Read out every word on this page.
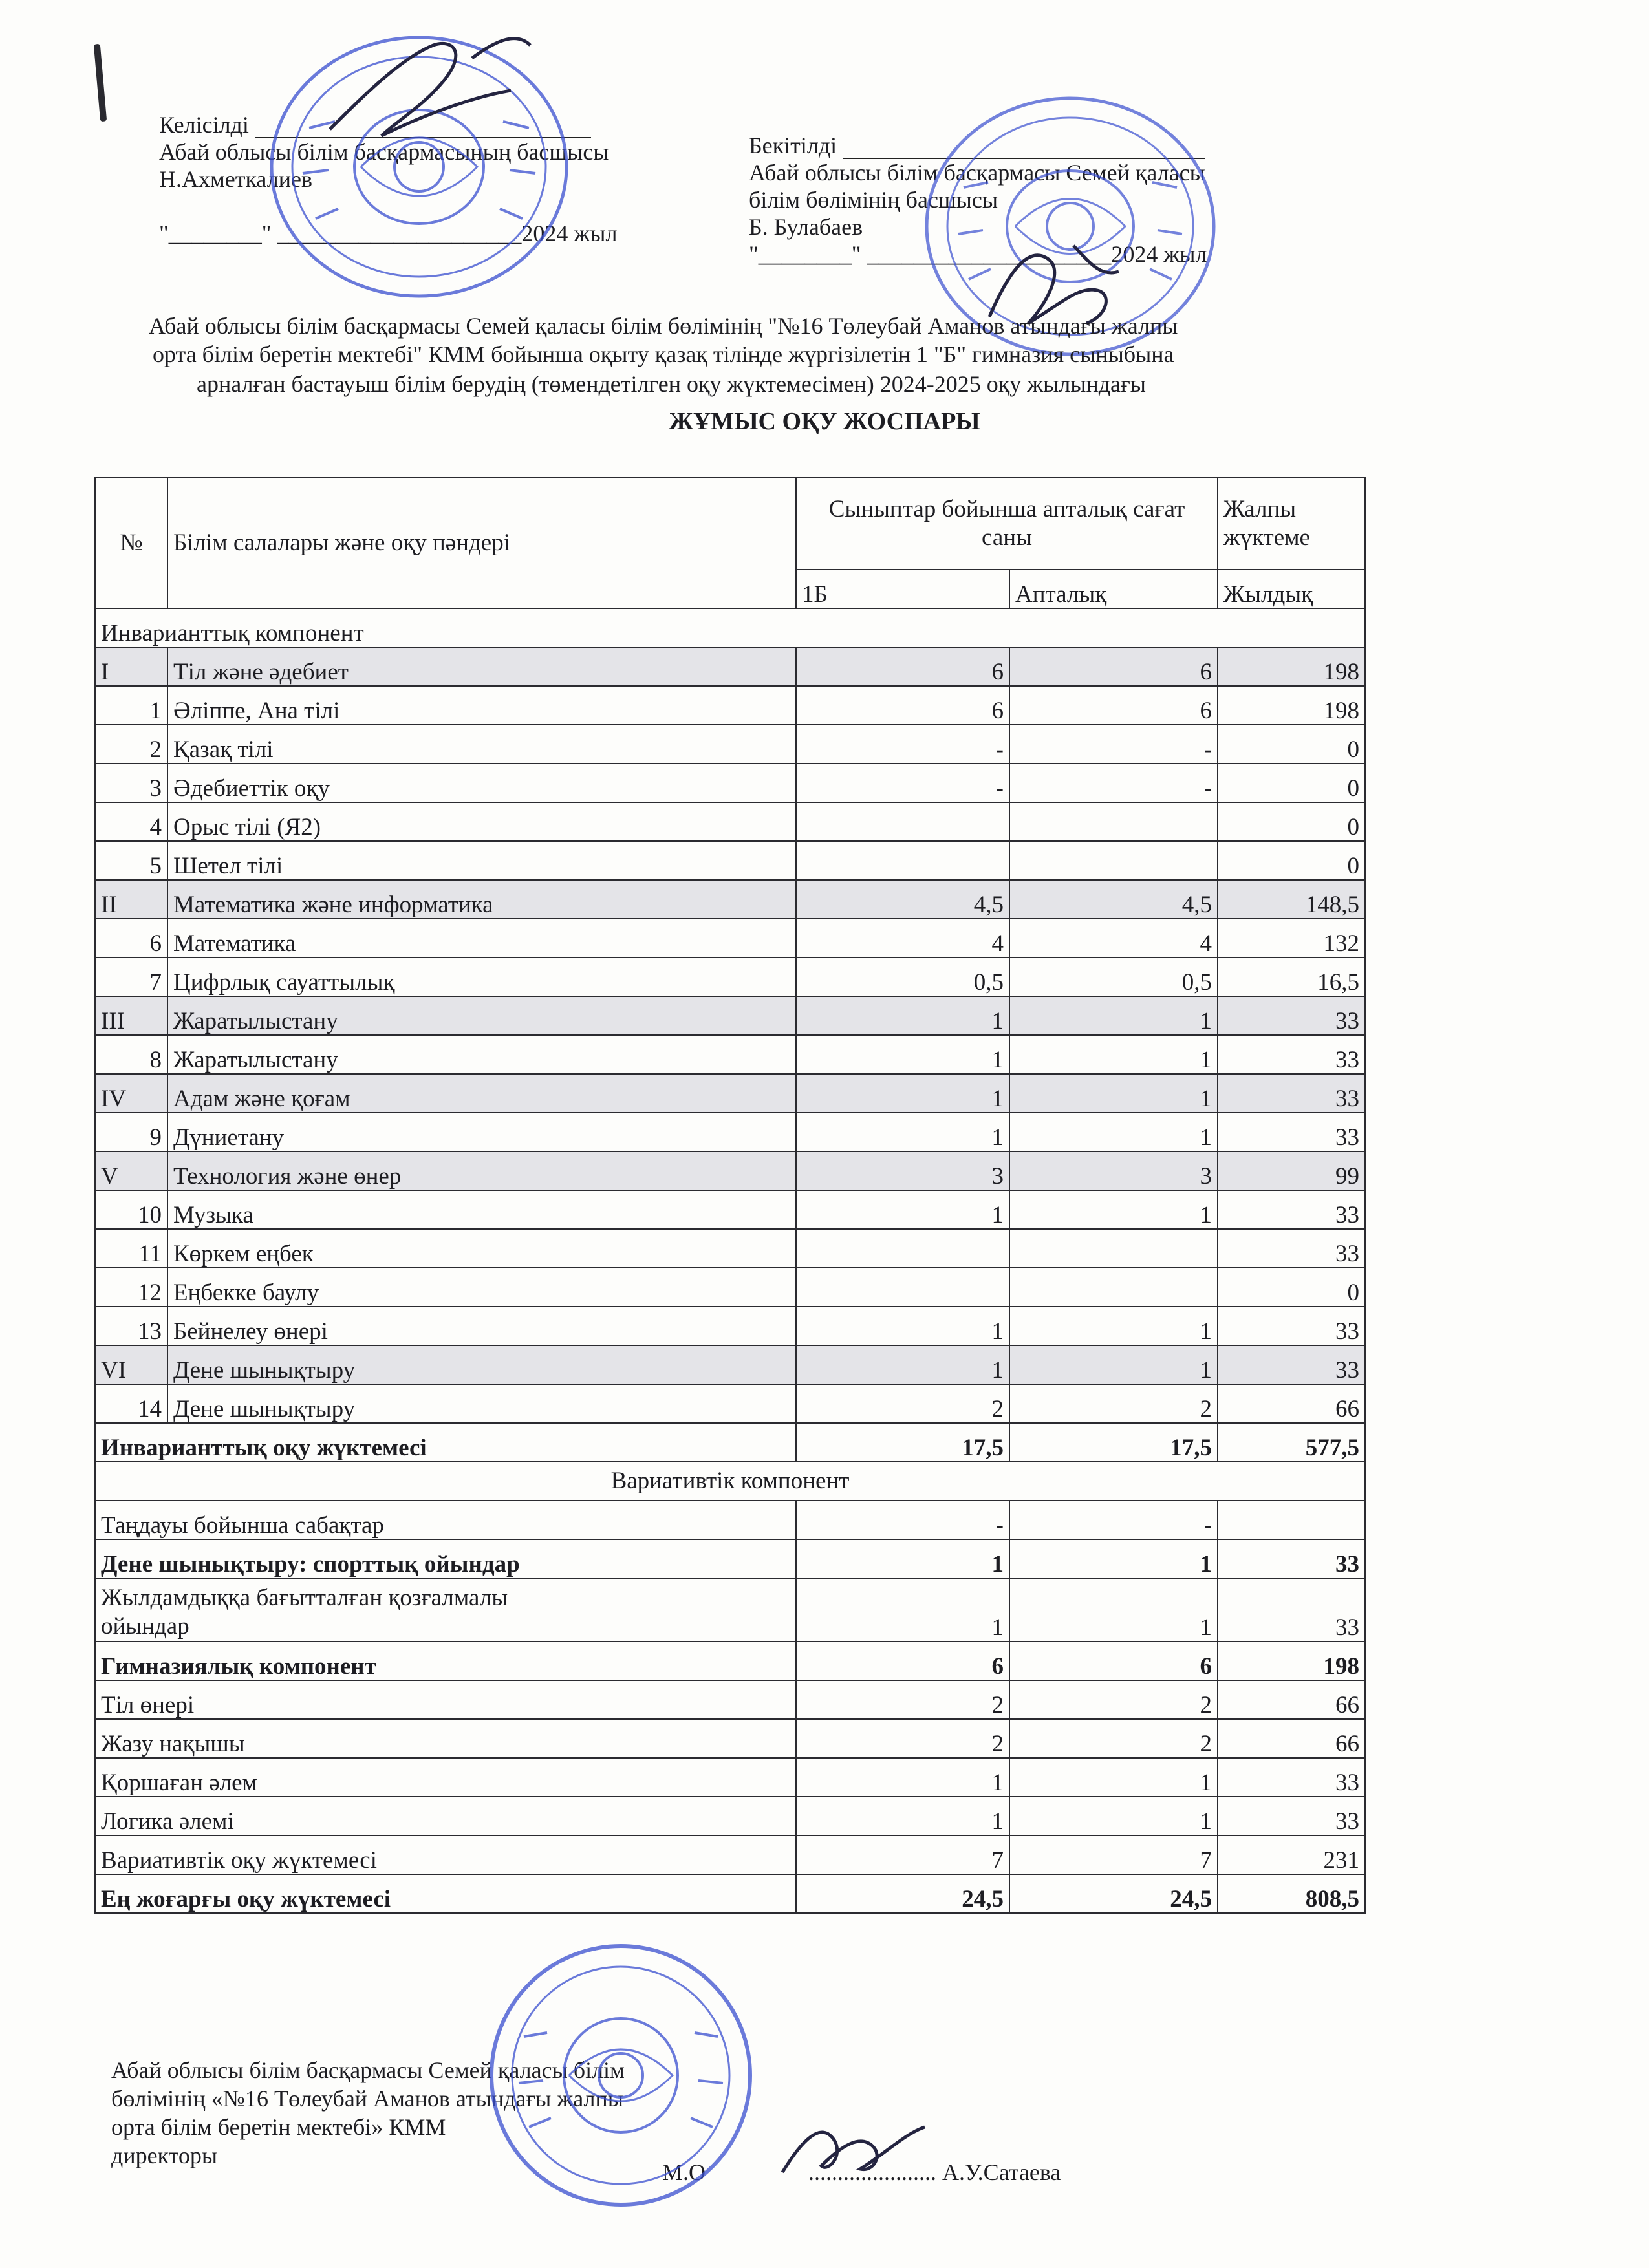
Келісілді
Абай облысы білім басқармасының басшысы
Н.Ахметкалиев
"________" _____________________2024 жыл
Бекітілді
Абай облысы білім басқармасы Семей қаласы
білім бөлімінің басшысы
Б. Булабаев
"________" _____________________2024 жыл
Абай облысы білім басқармасы Семей қаласы білім бөлімінің "№16 Төлеубай Аманов атындағы жалпы
орта білім беретін мектебі" КММ бойынша оқыту қазақ тілінде жүргізілетін 1 "Б" гимназия сыныбына
арналған бастауыш білім берудің (төмендетілген оқу жүктемесімен) 2024-2025 оқу жылындағы
ЖҰМЫС ОҚУ ЖОСПАРЫ
№	Білім салалары және оқу пәндері	Сыныптар бойынша апталық сағат саны		Жалпы жүктеме
		1Б	Апталық	Жылдық
Инварианттық компонент				
I	Тіл және әдебиет	6	6	198
1	Әліппе, Ана тілі	6	6	198
2	Қазақ тілі	-	-	0
3	Әдебиеттік оқу	-	-	0
4	Орыс тілі (Я2)			0
5	Шетел тілі			0
II	Математика және информатика	4,5	4,5	148,5
6	Математика	4	4	132
7	Цифрлық сауаттылық	0,5	0,5	16,5
III	Жаратылыстану	1	1	33
8	Жаратылыстану	1	1	33
IV	Адам және қоғам	1	1	33
9	Дүниетану	1	1	33
V	Технология және өнер	3	3	99
10	Музыка	1	1	33
11	Көркем еңбек			33
12	Еңбекке баулу			0
13	Бейнелеу өнері	1	1	33
VI	Дене шынықтыру	1	1	33
14	Дене шынықтыру	2	2	66
Инварианттық оқу жүктемесі		17,5	17,5	577,5
Вариативтік компонент				
Таңдауы бойынша сабақтар		-	-	
Дене шынықтыру: спорттық ойындар		1	1	33
Жылдамдыққа бағытталған қозғалмалы ойындар		1	1	33
Гимназиялық компонент		6	6	198
Тіл өнері		2	2	66
Жазу нақышы		2	2	66
Қоршаған әлем		1	1	33
Логика әлемі		1	1	33
Вариативтік оқу жүктемесі		7	7	231
Ең жоғарғы оқу жүктемесі		24,5	24,5	808,5
Абай облысы білім басқармасы Семей қаласы білім
бөлімінің «№16 Төлеубай Аманов атындағы жалпы
орта білім беретін мектебі» КММ
директоры
М.О	...................... А.У.Сатаева
